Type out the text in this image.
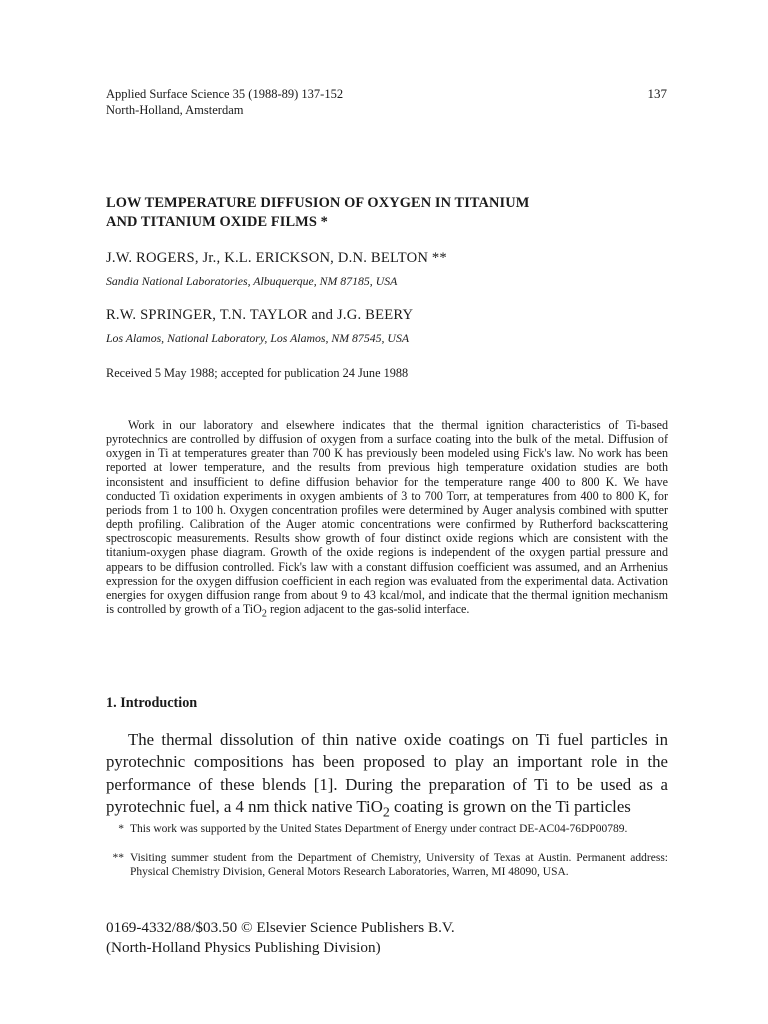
Applied Surface Science 35 (1988-89) 137-152
North-Holland, Amsterdam
137
LOW TEMPERATURE DIFFUSION OF OXYGEN IN TITANIUM
AND TITANIUM OXIDE FILMS *
J.W. ROGERS, Jr., K.L. ERICKSON, D.N. BELTON **
Sandia National Laboratories, Albuquerque, NM 87185, USA
R.W. SPRINGER, T.N. TAYLOR and J.G. BEERY
Los Alamos, National Laboratory, Los Alamos, NM 87545, USA
Received 5 May 1988; accepted for publication 24 June 1988

Work in our laboratory and elsewhere indicates that the thermal ignition characteristics of Ti-based pyrotechnics are controlled by diffusion of oxygen from a surface coating into the bulk of the metal. Diffusion of oxygen in Ti at temperatures greater than 700 K has previously been modeled using Fick's law. No work has been reported at lower temperature, and the results from previous high temperature oxidation studies are both inconsistent and insufficient to define diffusion behavior for the temperature range 400 to 800 K. We have conducted Ti oxidation experiments in oxygen ambients of 3 to 700 Torr, at temperatures from 400 to 800 K, for periods from 1 to 100 h. Oxygen concentration profiles were determined by Auger analysis combined with sputter depth profiling. Calibration of the Auger atomic concentrations were confirmed by Rutherford backscattering spectroscopic measurements. Results show growth of four distinct oxide regions which are consistent with the titanium-oxygen phase diagram. Growth of the oxide regions is independent of the oxygen partial pressure and appears to be diffusion controlled. Fick's law with a constant diffusion coefficient was assumed, and an Arrhenius expression for the oxygen diffusion coefficient in each region was evaluated from the experimental data. Activation energies for oxygen diffusion range from about 9 to 43 kcal/mol, and indicate that the thermal ignition mechanism is controlled by growth of a TiO$_2$ region adjacent to the gas-solid interface.

1. Introduction

The thermal dissolution of thin native oxide coatings on Ti fuel particles in pyrotechnic compositions has been proposed to play an important role in the performance of these blends [1]. During the preparation of Ti to be used as a pyrotechnic fuel, a 4 nm thick native TiO$_2$ coating is grown on the Ti particles

* This work was supported by the United States Department of Energy under contract DE-AC04-76DP00789.
** Visiting summer student from the Department of Chemistry, University of Texas at Austin. Permanent address: Physical Chemistry Division, General Motors Research Laboratories, Warren, MI 48090, USA.
0169-4332/88/$03.50 © Elsevier Science Publishers B.V.
(North-Holland Physics Publishing Division)
